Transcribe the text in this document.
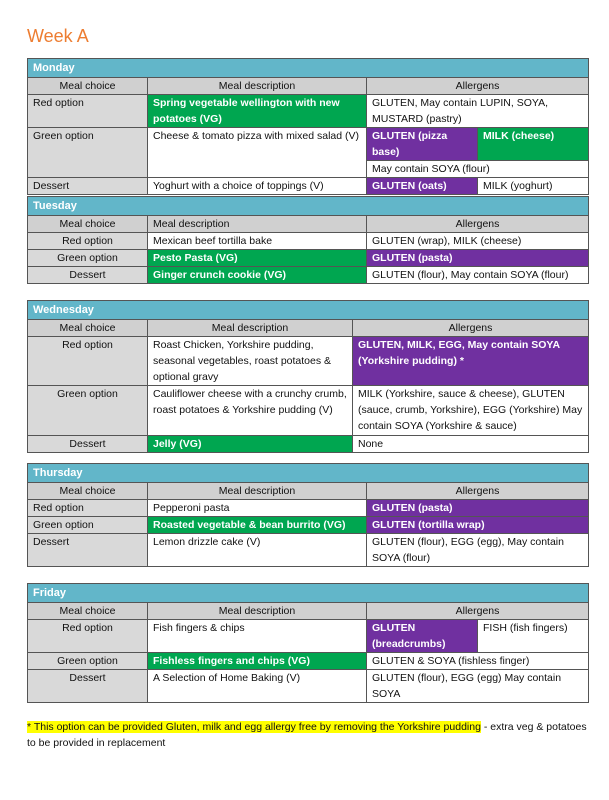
Week A
Monday			
Meal choice	Meal description	Allergens	
Red option	Spring vegetable wellington with new potatoes (VG)	GLUTEN, May contain LUPIN, SOYA, MUSTARD (pastry)	
Green option	Cheese & tomato pizza with mixed salad (V)	GLUTEN (pizza base)	MILK (cheese)
		May contain SOYA (flour)	
Dessert	Yoghurt with a choice of toppings (V)	GLUTEN (oats)	MILK (yoghurt)
Tuesday		
Meal choice	Meal description	Allergens
Red option	Mexican beef tortilla bake	GLUTEN (wrap), MILK (cheese)
Green option	Pesto Pasta (VG)	GLUTEN (pasta)
Dessert	Ginger crunch cookie (VG)	GLUTEN (flour), May contain SOYA (flour)
Wednesday		
Meal choice	Meal description	Allergens
Red option	Roast Chicken, Yorkshire pudding, seasonal vegetables, roast potatoes & optional gravy	GLUTEN, MILK, EGG, May contain SOYA (Yorkshire pudding) *
Green option	Cauliflower cheese with a crunchy crumb, roast potatoes & Yorkshire pudding (V)	MILK (Yorkshire, sauce & cheese), GLUTEN (sauce, crumb, Yorkshire), EGG (Yorkshire) May contain SOYA (Yorkshire & sauce)
Dessert	Jelly (VG)	None
Thursday		
Meal choice	Meal description	Allergens
Red option	Pepperoni pasta	GLUTEN (pasta)
Green option	Roasted vegetable & bean burrito (VG)	GLUTEN (tortilla wrap)
Dessert	Lemon drizzle cake (V)	GLUTEN (flour), EGG (egg), May contain SOYA (flour)
Friday			
Meal choice	Meal description	Allergens	
Red option	Fish fingers & chips	GLUTEN (breadcrumbs)	FISH (fish fingers)
Green option	Fishless fingers and chips (VG)	GLUTEN & SOYA (fishless finger)	
Dessert	A Selection of Home Baking (V)	GLUTEN (flour), EGG (egg) May contain SOYA	

* This option can be provided Gluten, milk and egg allergy free by removing the Yorkshire pudding - extra veg & potatoes to be provided in replacement
